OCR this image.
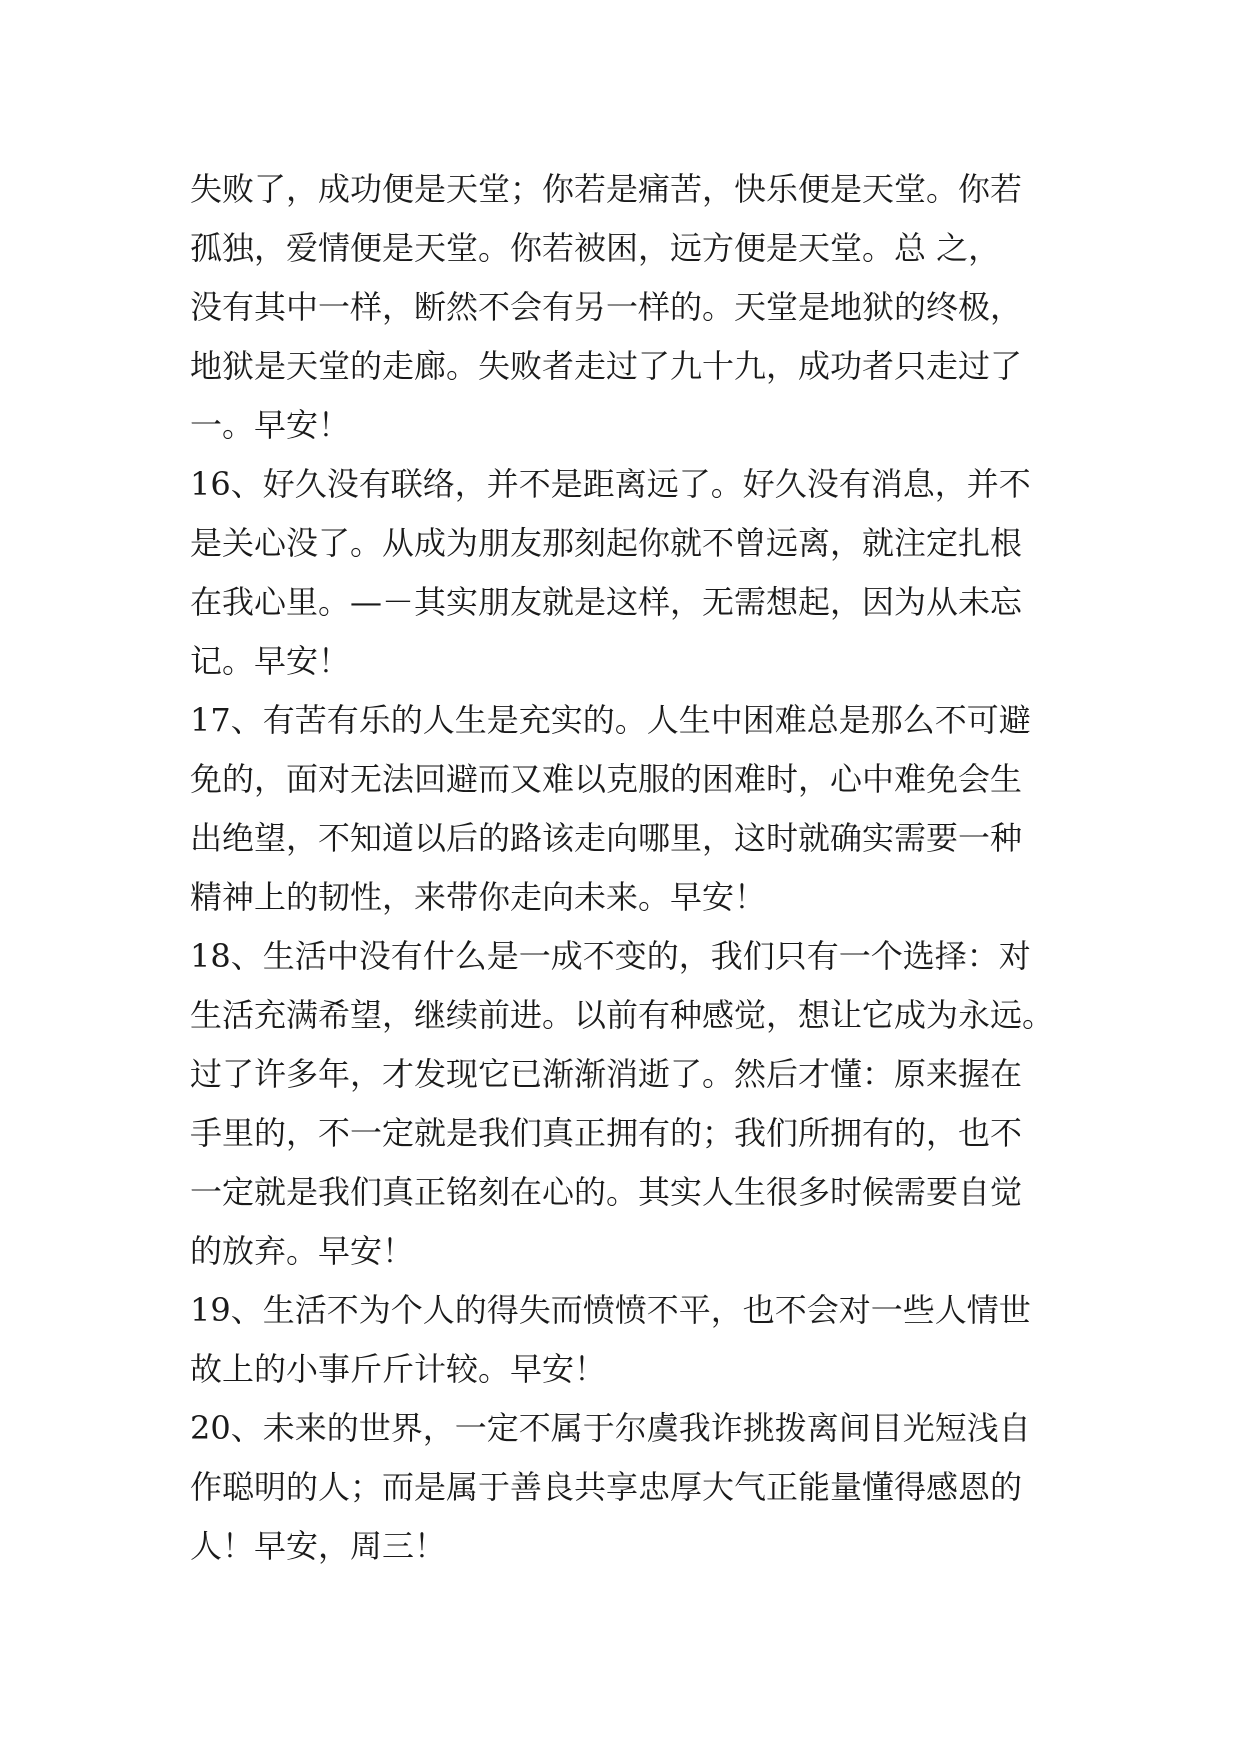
失败了，成功便是天堂；你若是痛苦，快乐便是天堂。你若
孤独，爱情便是天堂。你若被困，远方便是天堂。总 之，
没有其中一样，断然不会有另一样的。天堂是地狱的终极，
地狱是天堂的走廊。失败者走过了九十九，成功者只走过了
一。早安！
16、好久没有联络，并不是距离远了。好久没有消息，并不
是关心没了。从成为朋友那刻起你就不曾远离，就注定扎根
在我心里。—－其实朋友就是这样，无需想起，因为从未忘
记。早安！
17、有苦有乐的人生是充实的。人生中困难总是那么不可避
免的，面对无法回避而又难以克服的困难时，心中难免会生
出绝望，不知道以后的路该走向哪里，这时就确实需要一种
精神上的韧性，来带你走向未来。早安！
18、生活中没有什么是一成不变的，我们只有一个选择：对
生活充满希望，继续前进。以前有种感觉，想让它成为永远。
过了许多年，才发现它已渐渐消逝了。然后才懂：原来握在
手里的，不一定就是我们真正拥有的；我们所拥有的，也不
一定就是我们真正铭刻在心的。其实人生很多时候需要自觉
的放弃。早安！
19、生活不为个人的得失而愤愤不平，也不会对一些人情世
故上的小事斤斤计较。早安！
20、未来的世界，一定不属于尔虞我诈挑拨离间目光短浅自
作聪明的人；而是属于善良共享忠厚大气正能量懂得感恩的
人！早安，周三！
